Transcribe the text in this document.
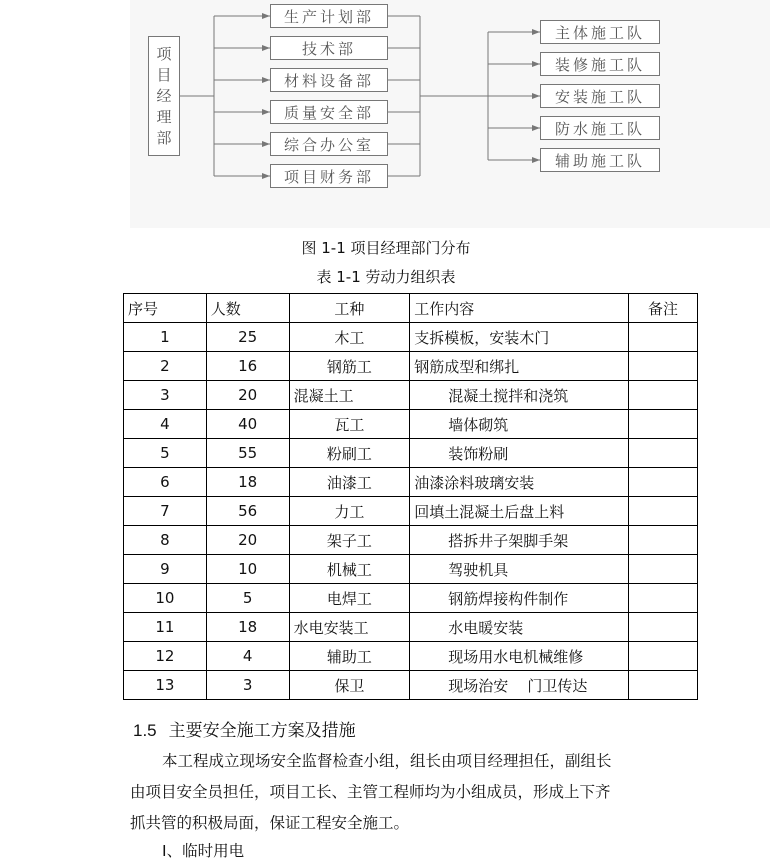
项
目
经
理
部
生产计划部
技术部
材料设备部
质量安全部
综合办公室
项目财务部
主体施工队
装修施工队
安装施工队
防水施工队
辅助施工队
图 1-1 项目经理部门分布
表 1-1 劳动力组织表
序号	人数	工种	工作内容	备注
1	25	木工	支拆模板，安装木门	
2	16	钢筋工	钢筋成型和绑扎	
3	20	混凝土工	混凝土搅拌和浇筑	
4	40	瓦工	墙体砌筑	
5	55	粉刷工	装饰粉刷	
6	18	油漆工	油漆涂料玻璃安装	
7	56	力工	回填土混凝土后盘上料	
8	20	架子工	搭拆井子架脚手架	
9	10	机械工	驾驶机具	
10	5	电焊工	钢筋焊接构件制作	
11	18	水电安装工	水电暖安装	
12	4	辅助工	现场用水电机械维修	
13	3	保卫	现场治安    门卫传达	
1.5 主要安全施工方案及措施
本工程成立现场安全监督检查小组，组长由项目经理担任，副组长
由项目安全员担任，项目工长、主管工程师均为小组成员，形成上下齐
抓共管的积极局面，保证工程安全施工。
Ⅰ、临时用电
